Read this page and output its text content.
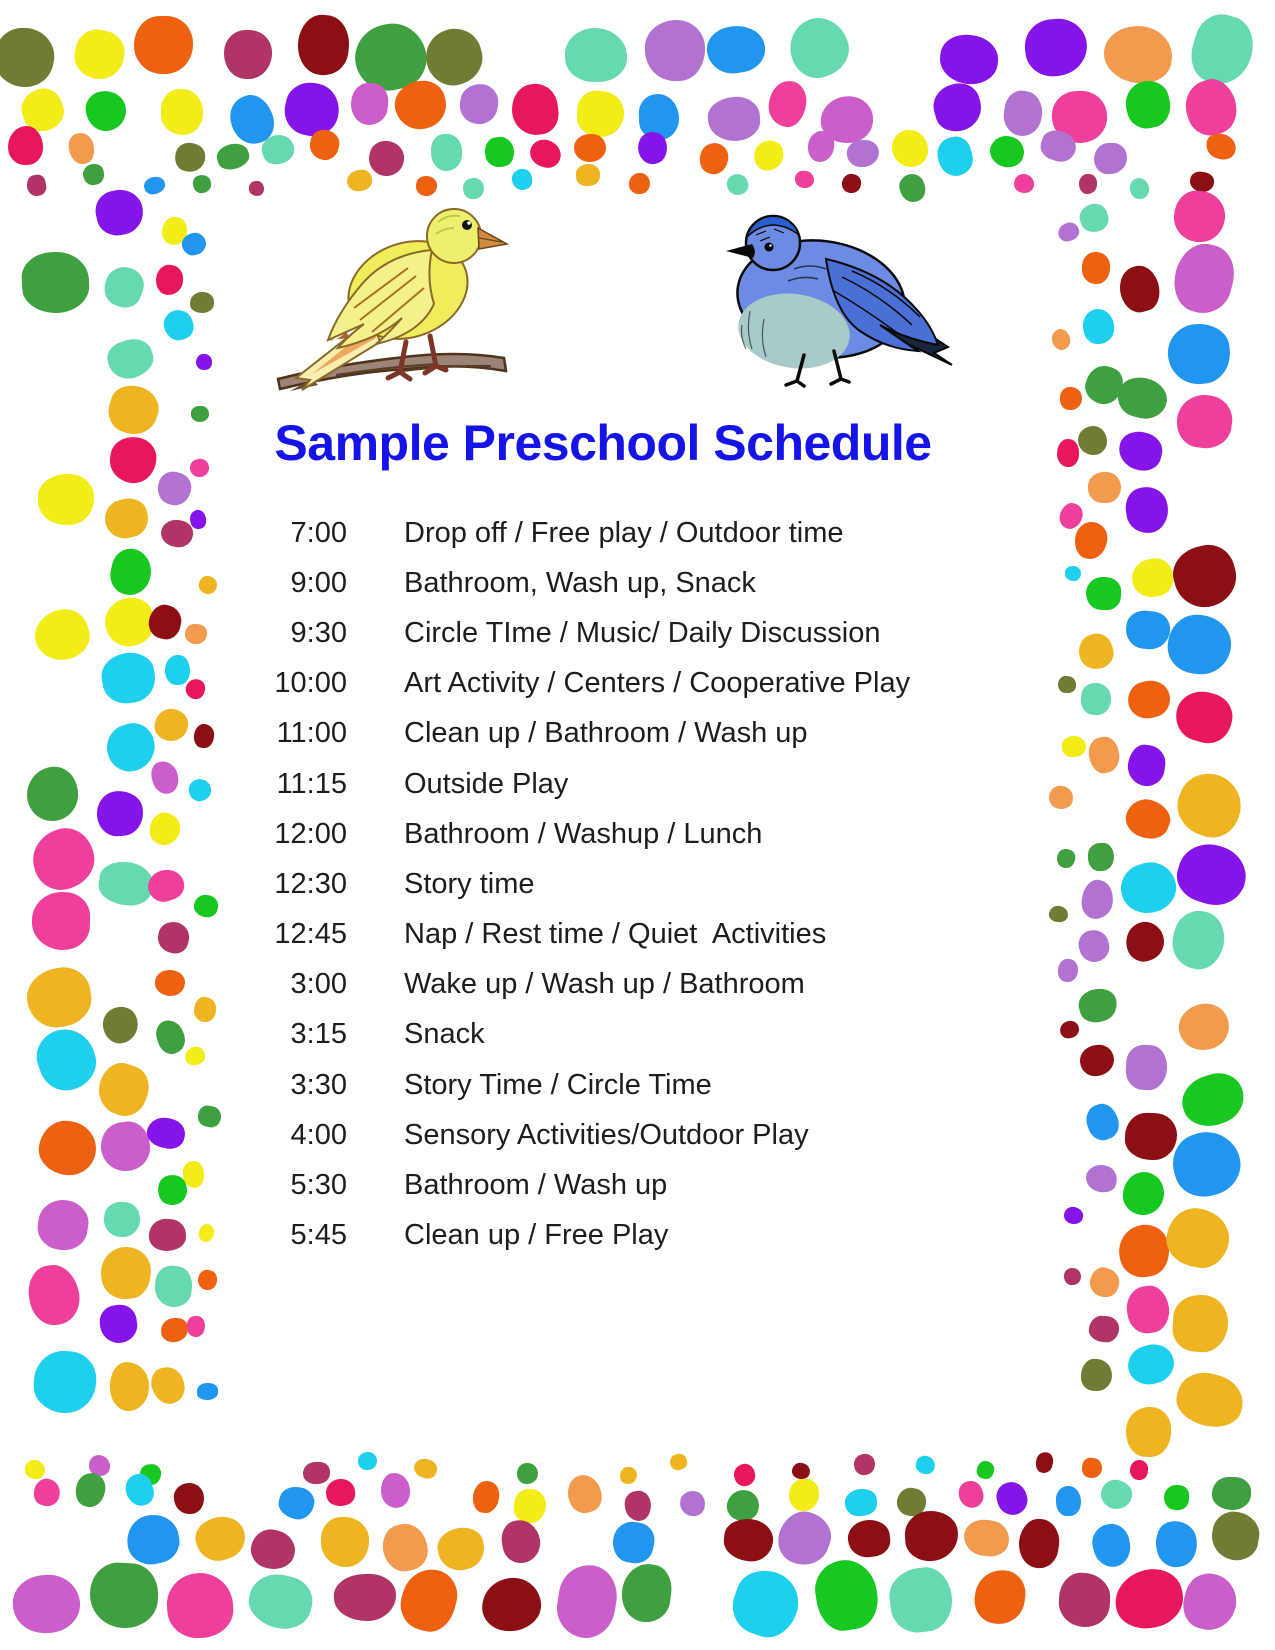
Sample Preschool Schedule
7:00 Drop off / Free play / Outdoor time
9:00 Bathroom, Wash up, Snack
9:30 Circle TIme / Music/ Daily Discussion
10:00 Art Activity / Centers / Cooperative Play
11:00 Clean up / Bathroom / Wash up
11:15 Outside Play
12:00 Bathroom / Washup / Lunch
12:30 Story time
12:45 Nap / Rest time / Quiet  Activities
3:00 Wake up / Wash up / Bathroom
3:15 Snack
3:30 Story Time / Circle Time
4:00 Sensory Activities/Outdoor Play
5:30 Bathroom / Wash up
5:45 Clean up / Free Play
